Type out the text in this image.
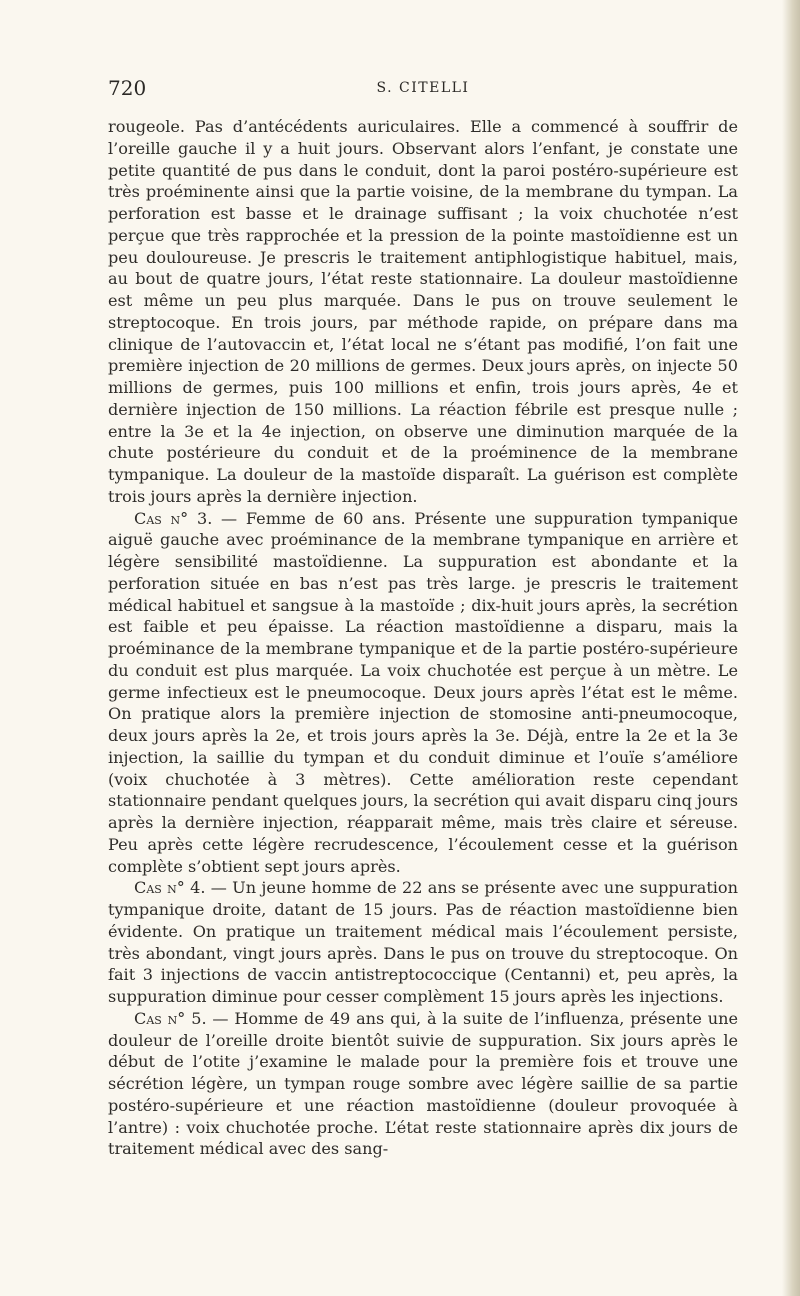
720	S. CITELLI

rougeole. Pas d’antécédents auriculaires. Elle a commencé à souffrir de l’oreille gauche il y a huit jours. Observant alors l’enfant, je constate une petite quantité de pus dans le conduit, dont la paroi postéro-supérieure est très proéminente ainsi que la partie voisine, de la membrane du tympan. La perforation est basse et le drainage suffisant ; la voix chuchotée n’est perçue que très rapprochée et la pression de la pointe mastoïdienne est un peu douloureuse. Je prescris le traitement antiphlogistique habituel, mais, au bout de quatre jours, l’état reste stationnaire. La douleur mastoïdienne est même un peu plus marquée. Dans le pus on trouve seulement le streptocoque. En trois jours, par méthode rapide, on prépare dans ma clinique de l’autovaccin et, l’état local ne s’étant pas modifié, l’on fait une première injection de 20 millions de germes. Deux jours après, on injecte 50 millions de germes, puis 100 millions et enfin, trois jours après, 4e et dernière injection de 150 millions. La réaction fébrile est presque nulle ; entre la 3e et la 4e injection, on observe une diminution marquée de la chute postérieure du conduit et de la proéminence de la membrane tympanique. La douleur de la mastoïde disparaît. La guérison est complète trois jours après la dernière injection.

Cas n° 3. — Femme de 60 ans. Présente une suppuration tympanique aiguë gauche avec proéminance de la membrane tympanique en arrière et légère sensibilité mastoïdienne. La suppuration est abondante et la perforation située en bas n’est pas très large. je prescris le traitement médical habituel et sangsue à la mastoïde ; dix-huit jours après, la secrétion est faible et peu épaisse. La réaction mastoïdienne a disparu, mais la proéminance de la membrane tympanique et de la partie postéro-supérieure du conduit est plus marquée. La voix chuchotée est perçue à un mètre. Le germe infectieux est le pneumocoque. Deux jours après l’état est le même. On pratique alors la première injection de stomosine anti-pneumocoque, deux jours après la 2e, et trois jours après la 3e. Déjà, entre la 2e et la 3e injection, la saillie du tympan et du conduit diminue et l’ouïe s’améliore (voix chuchotée à 3 mètres). Cette amélioration reste cependant stationnaire pendant quelques jours, la secrétion qui avait disparu cinq jours après la dernière injection, réapparait même, mais très claire et séreuse. Peu après cette légère recrudescence, l’écoulement cesse et la guérison complète s’obtient sept jours après.

Cas n° 4. — Un jeune homme de 22 ans se présente avec une suppuration tympanique droite, datant de 15 jours. Pas de réaction mastoïdienne bien évidente. On pratique un traitement médical mais l’écoulement persiste, très abondant, vingt jours après. Dans le pus on trouve du streptocoque. On fait 3 injections de vaccin antistreptococcique (Centanni) et, peu après, la suppuration diminue pour cesser complèment 15 jours après les injections.

Cas n° 5. — Homme de 49 ans qui, à la suite de l’influenza, présente une douleur de l’oreille droite bientôt suivie de suppuration. Six jours après le début de l’otite j’examine le malade pour la première fois et trouve une sécrétion légère, un tympan rouge sombre avec légère saillie de sa partie postéro-supérieure et une réaction mastoïdienne (douleur provoquée à l’antre) : voix chuchotée proche. L’état reste stationnaire après dix jours de traitement médical avec des sang-
